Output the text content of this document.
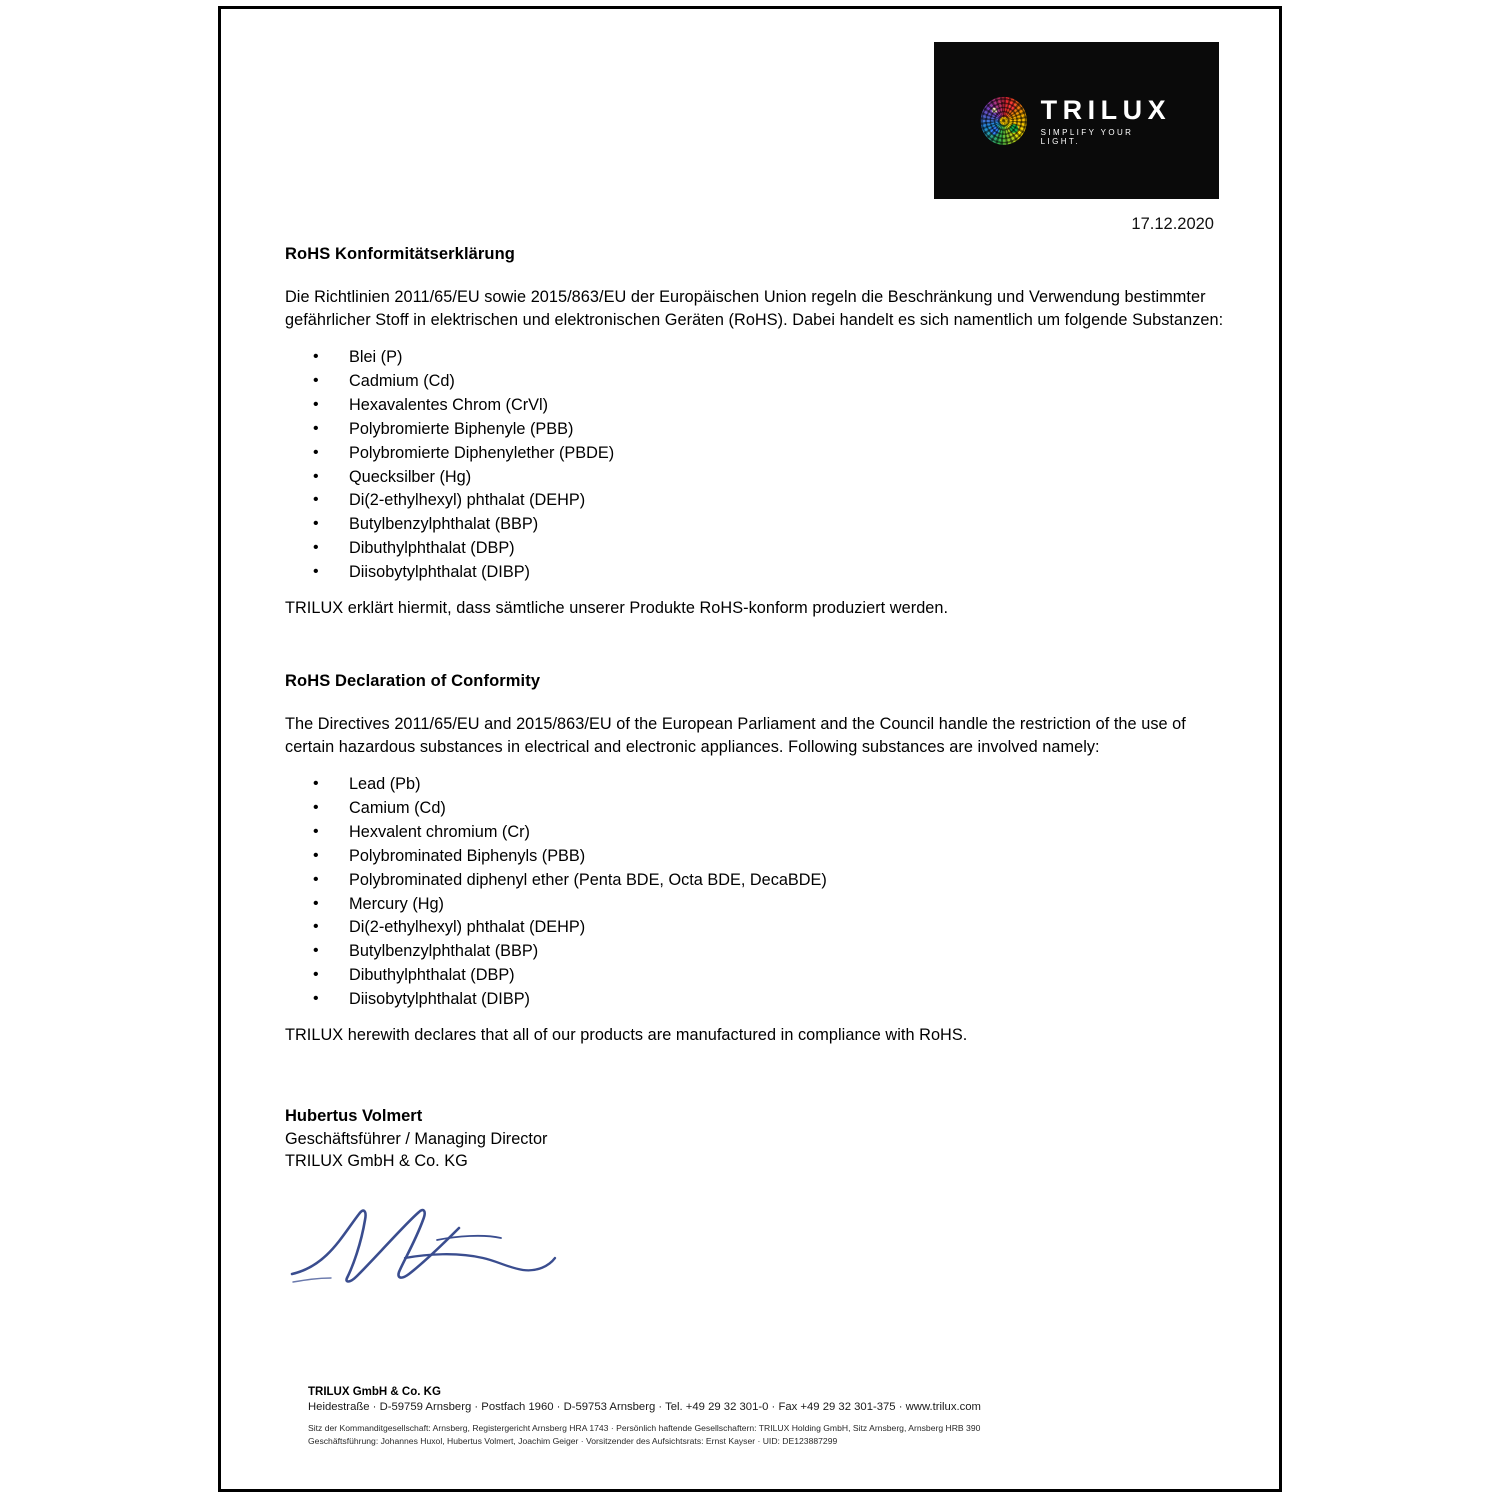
TRILUX
SIMPLIFY YOUR LIGHT.
17.12.2020
RoHS Konformitätserklärung

Die Richtlinien 2011/65/EU sowie 2015/863/EU der Europäischen Union regeln die Beschränkung und Verwendung bestimmter gefährlicher Stoff in elektrischen und elektronischen Geräten (RoHS). Dabei handelt es sich namentlich um folgende Substanzen:

• Blei (P)
• Cadmium (Cd)
• Hexavalentes Chrom (CrVl)
• Polybromierte Biphenyle (PBB)
• Polybromierte Diphenylether (PBDE)
• Quecksilber (Hg)
• Di(2-ethylhexyl) phthalat (DEHP)
• Butylbenzylphthalat (BBP)
• Dibuthylphthalat (DBP)
• Diisobytylphthalat (DIBP)

TRILUX erklärt hiermit, dass sämtliche unserer Produkte RoHS-konform produziert werden.

RoHS Declaration of Conformity

The Directives 2011/65/EU and 2015/863/EU of the European Parliament and the Council handle the restriction of the use of certain hazardous substances in electrical and electronic appliances. Following substances are involved namely:

• Lead (Pb)
• Camium (Cd)
• Hexvalent chromium (Cr)
• Polybrominated Biphenyls (PBB)
• Polybrominated diphenyl ether (Penta BDE, Octa BDE, DecaBDE)
• Mercury (Hg)
• Di(2-ethylhexyl) phthalat (DEHP)
• Butylbenzylphthalat (BBP)
• Dibuthylphthalat (DBP)
• Diisobytylphthalat (DIBP)

TRILUX herewith declares that all of our products are manufactured in compliance with RoHS.

Hubertus Volmert
Geschäftsführer / Managing Director
TRILUX GmbH & Co. KG
TRILUX GmbH & Co. KG
Heidestraße · D-59759 Arnsberg · Postfach 1960 · D-59753 Arnsberg · Tel. +49 29 32 301-0 · Fax +49 29 32 301-375 · www.trilux.com
Sitz der Kommanditgesellschaft: Arnsberg, Registergericht Arnsberg HRA 1743 · Persönlich haftende Gesellschaftern: TRILUX Holding GmbH, Sitz Arnsberg, Arnsberg HRB 390
Geschäftsführung: Johannes Huxol, Hubertus Volmert, Joachim Geiger · Vorsitzender des Aufsichtsrats: Ernst Kayser · UID: DE123887299
